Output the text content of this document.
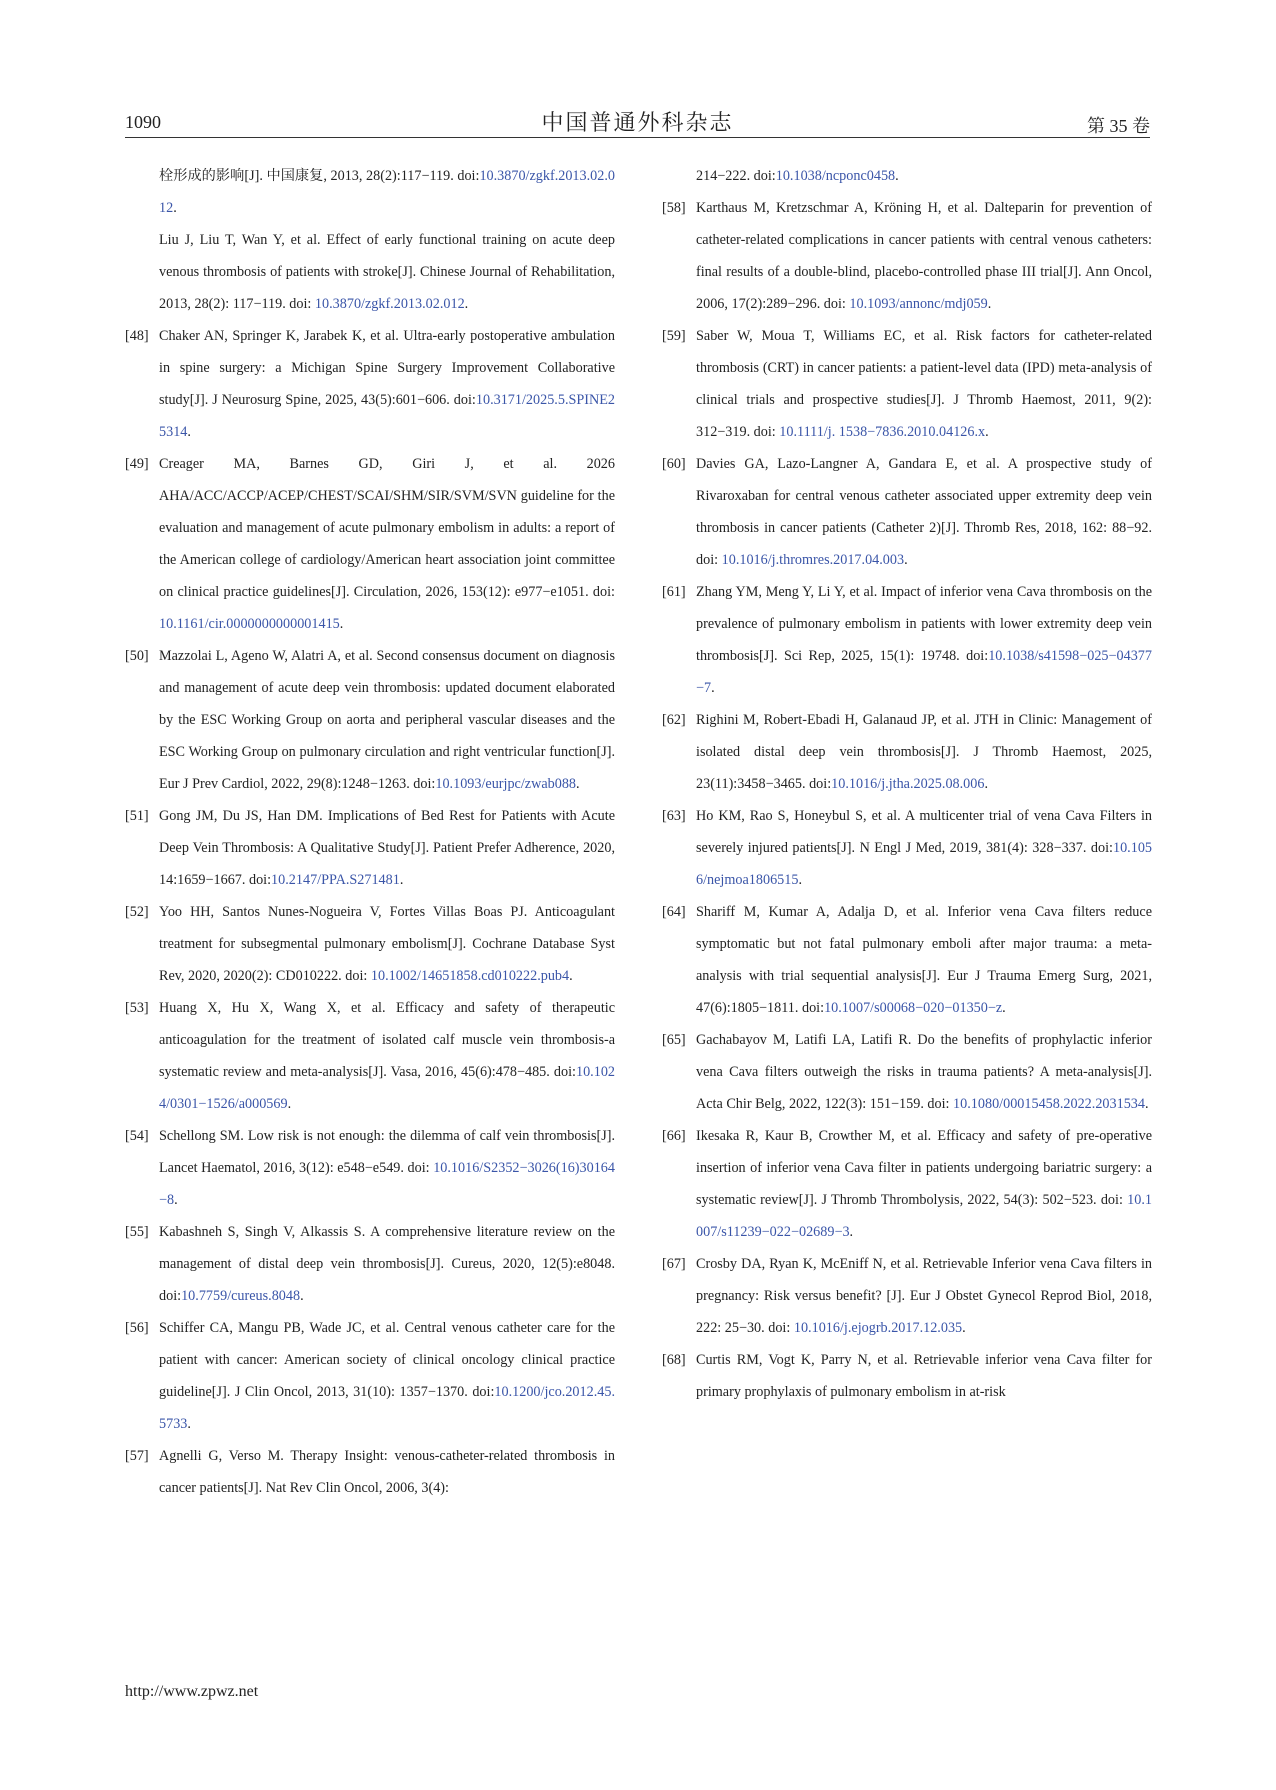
1090	中国普通外科杂志	第 35 卷
栓形成的影响[J]. 中国康复, 2013, 28(2):117−119. doi:10.3870/zgkf.2013.02.012.
Liu J, Liu T, Wan Y, et al. Effect of early functional training on acute deep venous thrombosis of patients with stroke[J]. Chinese Journal of Rehabilitation, 2013, 28(2): 117−119. doi: 10.3870/zgkf.2013.02.012.
[48] Chaker AN, Springer K, Jarabek K, et al. Ultra-early postoperative ambulation in spine surgery: a Michigan Spine Surgery Improvement Collaborative study[J]. J Neurosurg Spine, 2025, 43(5):601−606. doi:10.3171/2025.5.SPINE25314.
[49] Creager MA, Barnes GD, Giri J, et al. 2026 AHA/ACC/ACCP/ACEP/CHEST/SCAI/SHM/SIR/SVM/SVN guideline for the evaluation and management of acute pulmonary embolism in adults: a report of the American college of cardiology/American heart association joint committee on clinical practice guidelines[J]. Circulation, 2026, 153(12): e977−e1051. doi: 10.1161/cir.0000000000001415.
[50] Mazzolai L, Ageno W, Alatri A, et al. Second consensus document on diagnosis and management of acute deep vein thrombosis: updated document elaborated by the ESC Working Group on aorta and peripheral vascular diseases and the ESC Working Group on pulmonary circulation and right ventricular function[J]. Eur J Prev Cardiol, 2022, 29(8):1248−1263. doi:10.1093/eurjpc/zwab088.
[51] Gong JM, Du JS, Han DM. Implications of Bed Rest for Patients with Acute Deep Vein Thrombosis: A Qualitative Study[J]. Patient Prefer Adherence, 2020, 14:1659−1667. doi:10.2147/PPA.S271481.
[52] Yoo HH, Santos Nunes-Nogueira V, Fortes Villas Boas PJ. Anticoagulant treatment for subsegmental pulmonary embolism[J]. Cochrane Database Syst Rev, 2020, 2020(2): CD010222. doi: 10.1002/14651858.cd010222.pub4.
[53] Huang X, Hu X, Wang X, et al. Efficacy and safety of therapeutic anticoagulation for the treatment of isolated calf muscle vein thrombosis-a systematic review and meta-analysis[J]. Vasa, 2016, 45(6):478−485. doi:10.1024/0301−1526/a000569.
[54] Schellong SM. Low risk is not enough: the dilemma of calf vein thrombosis[J]. Lancet Haematol, 2016, 3(12): e548−e549. doi: 10.1016/S2352−3026(16)30164−8.
[55] Kabashneh S, Singh V, Alkassis S. A comprehensive literature review on the management of distal deep vein thrombosis[J]. Cureus, 2020, 12(5):e8048. doi:10.7759/cureus.8048.
[56] Schiffer CA, Mangu PB, Wade JC, et al. Central venous catheter care for the patient with cancer: American society of clinical oncology clinical practice guideline[J]. J Clin Oncol, 2013, 31(10): 1357−1370. doi:10.1200/jco.2012.45.5733.
[57] Agnelli G, Verso M. Therapy Insight: venous-catheter-related thrombosis in cancer patients[J]. Nat Rev Clin Oncol, 2006, 3(4):
214−222. doi:10.1038/ncponc0458.
[58] Karthaus M, Kretzschmar A, Kröning H, et al. Dalteparin for prevention of catheter-related complications in cancer patients with central venous catheters: final results of a double-blind, placebo-controlled phase III trial[J]. Ann Oncol, 2006, 17(2):289−296. doi: 10.1093/annonc/mdj059.
[59] Saber W, Moua T, Williams EC, et al. Risk factors for catheter-related thrombosis (CRT) in cancer patients: a patient-level data (IPD) meta-analysis of clinical trials and prospective studies[J]. J Thromb Haemost, 2011, 9(2): 312−319. doi: 10.1111/j. 1538−7836.2010.04126.x.
[60] Davies GA, Lazo-Langner A, Gandara E, et al. A prospective study of Rivaroxaban for central venous catheter associated upper extremity deep vein thrombosis in cancer patients (Catheter 2)[J]. Thromb Res, 2018, 162: 88−92. doi: 10.1016/j.thromres.2017.04.003.
[61] Zhang YM, Meng Y, Li Y, et al. Impact of inferior vena Cava thrombosis on the prevalence of pulmonary embolism in patients with lower extremity deep vein thrombosis[J]. Sci Rep, 2025, 15(1): 19748. doi:10.1038/s41598−025−04377−7.
[62] Righini M, Robert-Ebadi H, Galanaud JP, et al. JTH in Clinic: Management of isolated distal deep vein thrombosis[J]. J Thromb Haemost, 2025, 23(11):3458−3465. doi:10.1016/j.jtha.2025.08.006.
[63] Ho KM, Rao S, Honeybul S, et al. A multicenter trial of vena Cava Filters in severely injured patients[J]. N Engl J Med, 2019, 381(4): 328−337. doi:10.1056/nejmoa1806515.
[64] Shariff M, Kumar A, Adalja D, et al. Inferior vena Cava filters reduce symptomatic but not fatal pulmonary emboli after major trauma: a meta-analysis with trial sequential analysis[J]. Eur J Trauma Emerg Surg, 2021, 47(6):1805−1811. doi:10.1007/s00068−020−01350−z.
[65] Gachabayov M, Latifi LA, Latifi R. Do the benefits of prophylactic inferior vena Cava filters outweigh the risks in trauma patients? A meta-analysis[J]. Acta Chir Belg, 2022, 122(3): 151−159. doi: 10.1080/00015458.2022.2031534.
[66] Ikesaka R, Kaur B, Crowther M, et al. Efficacy and safety of pre-operative insertion of inferior vena Cava filter in patients undergoing bariatric surgery: a systematic review[J]. J Thromb Thrombolysis, 2022, 54(3): 502−523. doi: 10.1007/s11239−022−02689−3.
[67] Crosby DA, Ryan K, McEniff N, et al. Retrievable Inferior vena Cava filters in pregnancy: Risk versus benefit? [J]. Eur J Obstet Gynecol Reprod Biol, 2018, 222: 25−30. doi: 10.1016/j.ejogrb.2017.12.035.
[68] Curtis RM, Vogt K, Parry N, et al. Retrievable inferior vena Cava filter for primary prophylaxis of pulmonary embolism in at-risk
http://www.zpwz.net
